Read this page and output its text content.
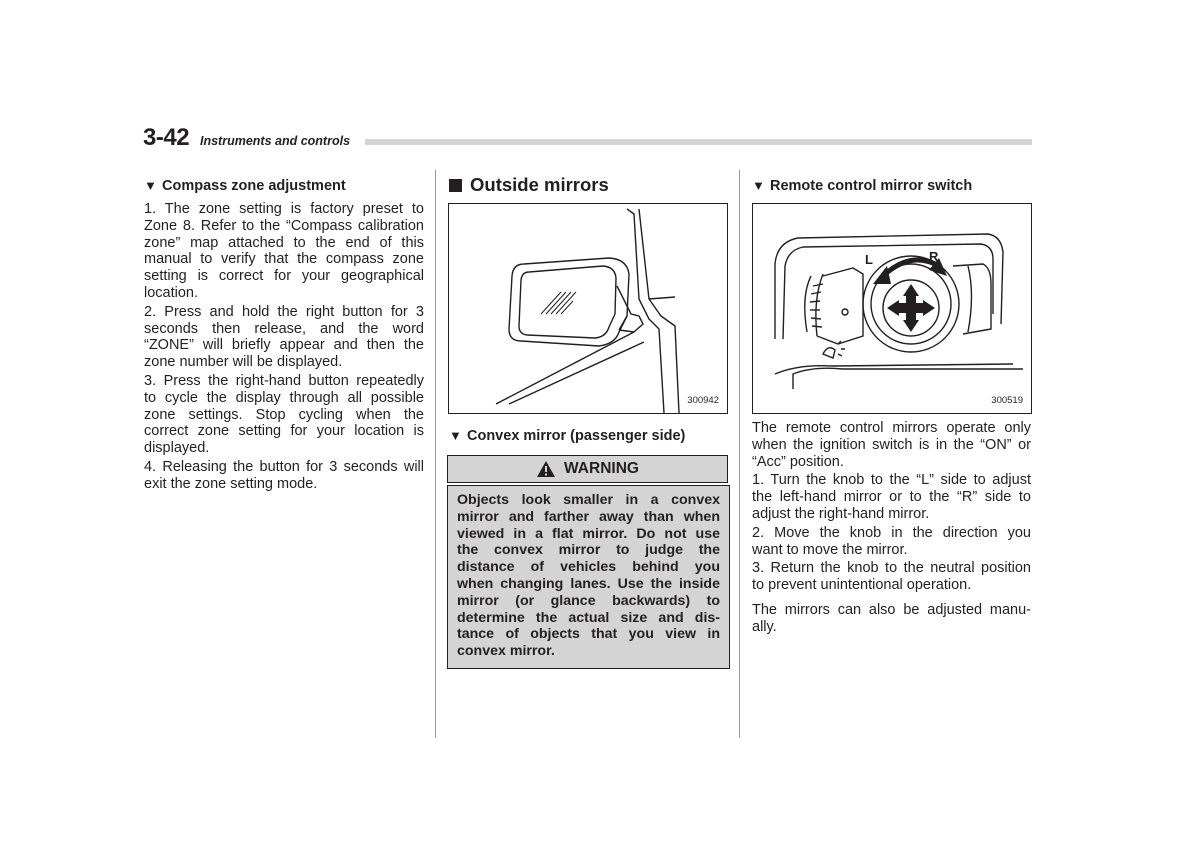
3-42 Instruments and controls
▼ Compass zone adjustment
1. The zone setting is factory preset to
Zone 8. Refer to the “Compass calibration
zone” map attached to the end of this
manual to verify that the compass zone
setting is correct for your geographical
location.
2. Press and hold the right button for 3
seconds then release, and the word
“ZONE” will briefly appear and then the
zone number will be displayed.
3. Press the right-hand button repeatedly
to cycle the display through all possible
zone settings. Stop cycling when the
correct zone setting for your location is
displayed.
4. Releasing the button for 3 seconds will
exit the zone setting mode.
Outside mirrors
300942
▼ Convex mirror (passenger side)
WARNING
Objects look smaller in a convex
mirror and farther away than when
viewed in a flat mirror. Do not use
the convex mirror to judge the
distance of vehicles behind you
when changing lanes. Use the inside
mirror (or glance backwards) to
determine the actual size and dis-
tance of objects that you view in
convex mirror.
▼ Remote control mirror switch
L	R
300519
The remote control mirrors operate only
when the ignition switch is in the “ON” or
“Acc” position.
1. Turn the knob to the “L” side to adjust
the left-hand mirror or to the “R” side to
adjust the right-hand mirror.
2. Move the knob in the direction you
want to move the mirror.
3. Return the knob to the neutral position
to prevent unintentional operation.
The mirrors can also be adjusted manu-
ally.
